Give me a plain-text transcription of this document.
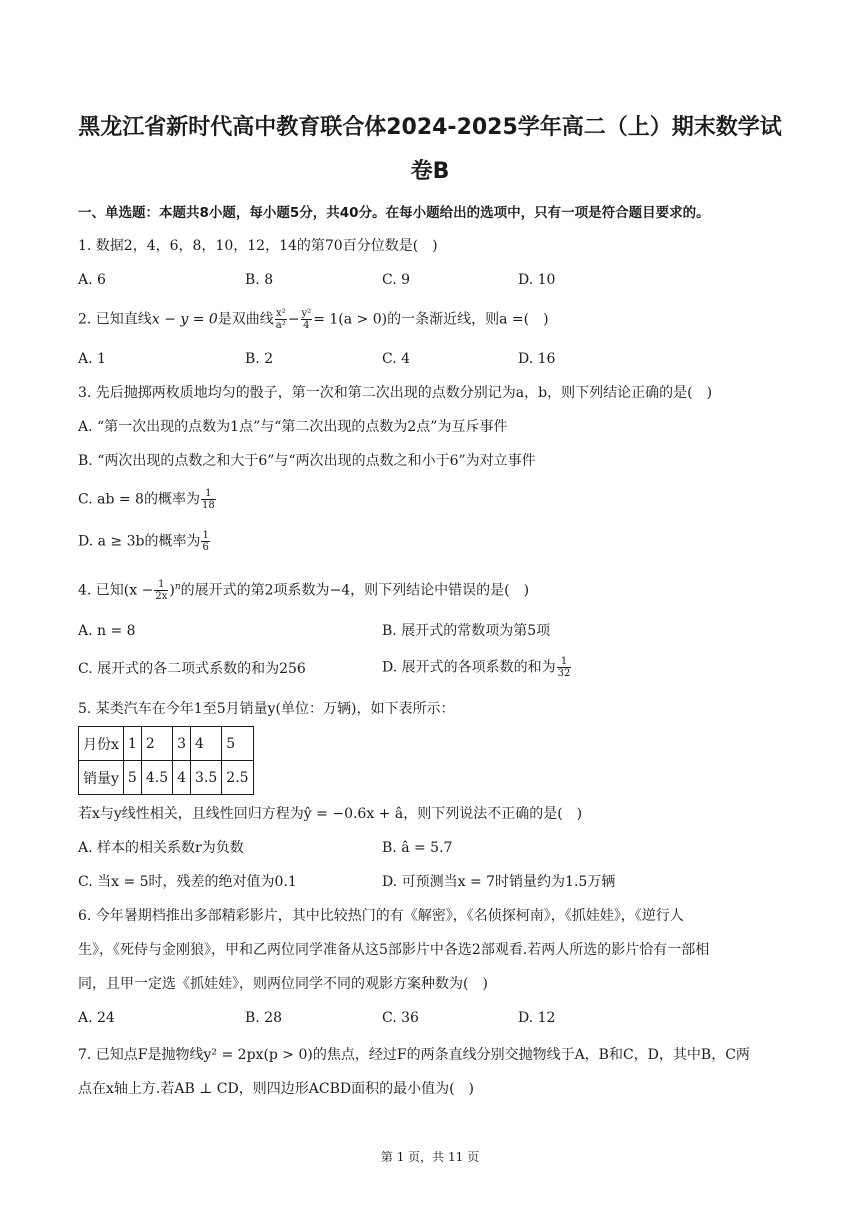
黑龙江省新时代高中教育联合体2024-2025学年高二（上）期末数学试
卷B
一、单选题：本题共8小题，每小题5分，共40分。在每小题给出的选项中，只有一项是符合题目要求的。
1. 数据2，4，6，8，10，12，14的第70百分位数是(　)
A. 6	B. 8	C. 9	D. 10
2. 已知直线x − y = 0是双曲线 $\frac{\text{x²}}{\text{a²}} - \frac{\text{y²}}{4} = 1(a > 0)$的一条渐近线，则a =(　)
A. 1	B. 2	C. 4	D. 16
3. 先后抛掷两枚质地均匀的骰子，第一次和第二次出现的点数分别记为a，b，则下列结论正确的是(　)
A. “第一次出现的点数为1点”与“第二次出现的点数为2点”为互斥事件
B. “两次出现的点数之和大于6”与“两次出现的点数之和小于6”为对立事件
C. ab = 8的概率为 $\frac{1}{18}$
D. a ≥ 3b的概率为 $\frac{1}{6}$
4. 已知$(x - \frac{1}{2x} )^n$的展开式的第2项系数为−4，则下列结论中错误的是(　)
A. n = 8	B. 展开式的常数项为第5项
C. 展开式的各二项式系数的和为256	D. 展开式的各项系数的和为 $\frac{1}{32}$
5. 某类汽车在今年1至5月销量y(单位：万辆)，如下表所示：
月份x	1	2	3	4	5
销量y	5	4.5	4	3.5	2.5
若x与y线性相关，且线性回归方程为ŷ = −0.6x + â，则下列说法不正确的是(　)
A. 样本的相关系数r为负数	B. â = 5.7
C. 当x = 5时，残差的绝对值为0.1	D. 可预测当x = 7时销量约为1.5万辆
6. 今年暑期档推出多部精彩影片，其中比较热门的有《解密》，《名侦探柯南》，《抓娃娃》，《逆行人
生》，《死侍与金刚狼》，甲和乙两位同学准备从这5部影片中各选2部观看.若两人所选的影片恰有一部相
同，且甲一定选《抓娃娃》，则两位同学不同的观影方案种数为(　)
A. 24	B. 28	C. 36	D. 12
7. 已知点F是抛物线y² = 2px(p > 0)的焦点，经过F的两条直线分别交抛物线于A，B和C，D，其中B，C两
点在x轴上方.若AB ⊥ CD，则四边形ACBD面积的最小值为(　)
第 1 页，共 11 页
